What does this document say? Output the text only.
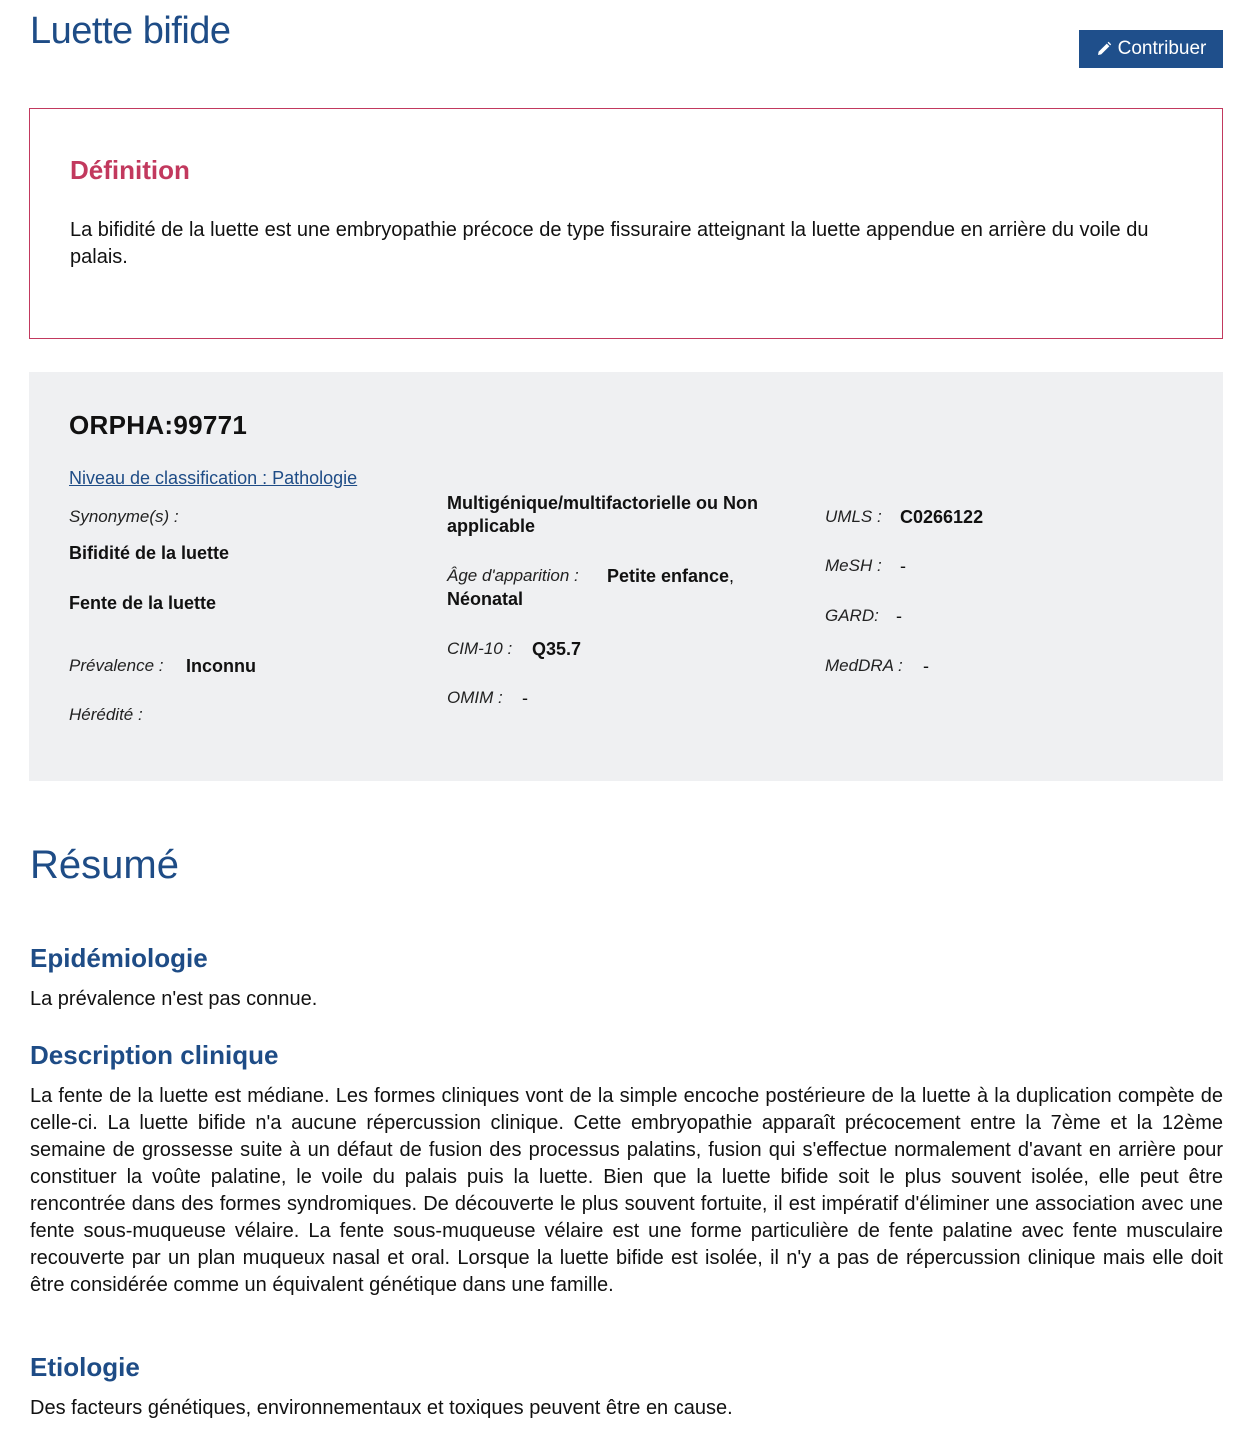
Luette bifide	Contribuer
Définition

La bifidité de la luette est une embryopathie précoce de type fissuraire atteignant la luette appendue en arrière du voile du palais.

ORPHA:99771
Niveau de classification : Pathologie
Synonyme(s) :
Bifidité de la luette
Fente de la luette
Prévalence : Inconnu
Hérédité :
Multigénique/multifactorielle ou Non
applicable
Âge d'apparition : Petite enfance,
Néonatal
CIM-10 : Q35.7
OMIM : -
UMLS : C0266122
MeSH : -
GARD: -
MedDRA : -
Résumé
Epidémiologie

La prévalence n'est pas connue.

Description clinique

La fente de la luette est médiane. Les formes cliniques vont de la simple encoche postérieure de la luette à la duplication compète de celle-ci. La luette bifide n'a aucune répercussion clinique. Cette embryopathie apparaît précocement entre la 7ème et la 12ème semaine de grossesse suite à un défaut de fusion des processus palatins, fusion qui s'effectue normalement d'avant en arrière pour constituer la voûte palatine, le voile du palais puis la luette. Bien que la luette bifide soit le plus souvent isolée, elle peut être rencontrée dans des formes syndromiques. De découverte le plus souvent fortuite, il est impératif d'éliminer une association avec une fente sous-muqueuse vélaire. La fente sous-muqueuse vélaire est une forme particulière de fente palatine avec fente musculaire recouverte par un plan muqueux nasal et oral. Lorsque la luette bifide est isolée, il n'y a pas de répercussion clinique mais elle doit être considérée comme un équivalent génétique dans une famille.

Etiologie

Des facteurs génétiques, environnementaux et toxiques peuvent être en cause.
